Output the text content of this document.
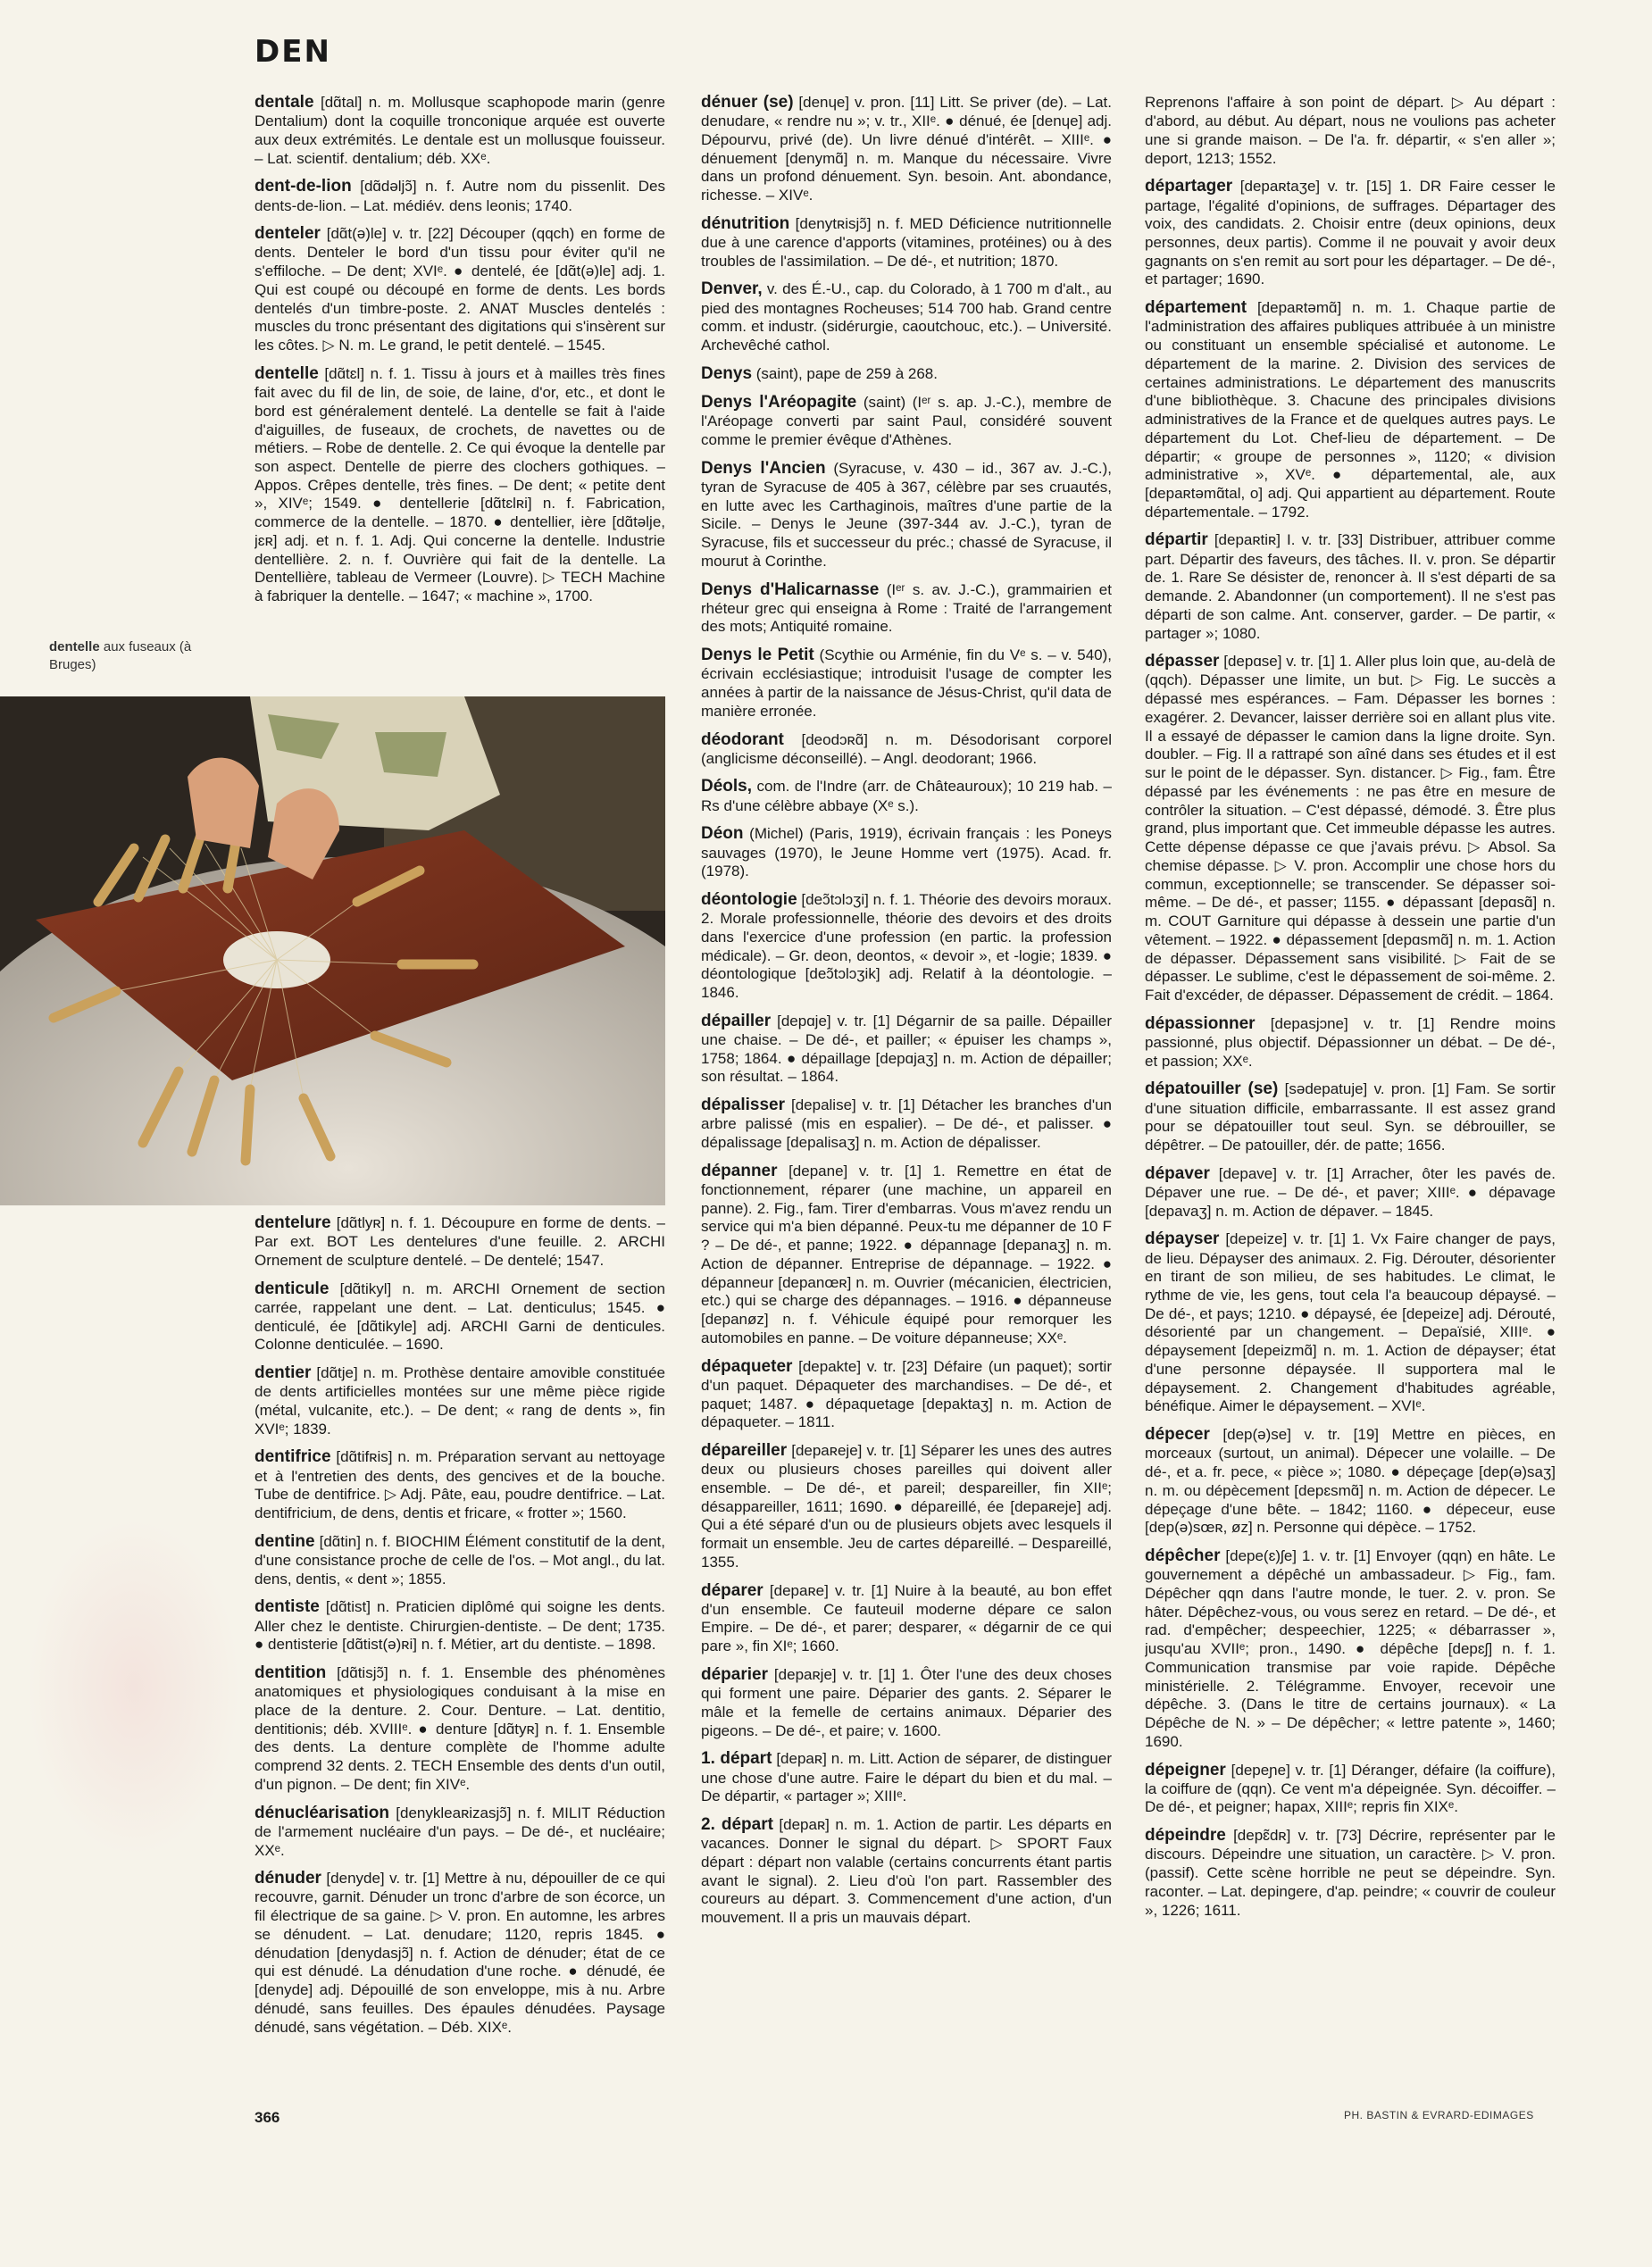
DEN
dentelle aux fuseaux (à Bruges)

dentale [dɑ̃tal] n. m. Mollusque scaphopode marin (genre Dentalium) dont la coquille tronconique arquée est ouverte aux deux extrémités. Le dentale est un mollusque fouisseur. – Lat. scientif. dentalium; déb. XXᵉ.

dent-de-lion [dɑ̃dəljɔ̃] n. f. Autre nom du pissenlit. Des dents-de-lion. – Lat. médiév. dens leonis; 1740.

denteler [dɑ̃t(ə)le] v. tr. [22] Découper (qqch) en forme de dents. Denteler le bord d'un tissu pour éviter qu'il ne s'effiloche. – De dent; XVIᵉ. ● dentelé, ée [dɑ̃t(ə)le] adj. 1. Qui est coupé ou découpé en forme de dents. Les bords dentelés d'un timbre-poste. 2. ANAT Muscles dentelés : muscles du tronc présentant des digitations qui s'insèrent sur les côtes. ▷ N. m. Le grand, le petit dentelé. – 1545.

dentelle [dɑ̃tɛl] n. f. 1. Tissu à jours et à mailles très fines fait avec du fil de lin, de soie, de laine, d'or, etc., et dont le bord est généralement dentelé. La dentelle se fait à l'aide d'aiguilles, de fuseaux, de crochets, de navettes ou de métiers. – Robe de dentelle. 2. Ce qui évoque la dentelle par son aspect. Dentelle de pierre des clochers gothiques. – Appos. Crêpes dentelle, très fines. – De dent; « petite dent », XIVᵉ; 1549. ● dentellerie [dɑ̃tɛlʀi] n. f. Fabrication, commerce de la dentelle. – 1870. ● dentellier, ière [dɑ̃təlje, jɛʀ] adj. et n. f. 1. Adj. Qui concerne la dentelle. Industrie dentellière. 2. n. f. Ouvrière qui fait de la dentelle. La Dentellière, tableau de Vermeer (Louvre). ▷ TECH Machine à fabriquer la dentelle. – 1647; « machine », 1700.

dentelure [dɑ̃tlyʀ] n. f. 1. Découpure en forme de dents. – Par ext. BOT Les dentelures d'une feuille. 2. ARCHI Ornement de sculpture dentelé. – De dentelé; 1547.

denticule [dɑ̃tikyl] n. m. ARCHI Ornement de section carrée, rappelant une dent. – Lat. denticulus; 1545. ● denticulé, ée [dɑ̃tikyle] adj. ARCHI Garni de denticules. Colonne denticulée. – 1690.

dentier [dɑ̃tje] n. m. Prothèse dentaire amovible constituée de dents artificielles montées sur une même pièce rigide (métal, vulcanite, etc.). – De dent; « rang de dents », fin XVIᵉ; 1839.

dentifrice [dɑ̃tifʀis] n. m. Préparation servant au nettoyage et à l'entretien des dents, des gencives et de la bouche. Tube de dentifrice. ▷ Adj. Pâte, eau, poudre dentifrice. – Lat. dentifricium, de dens, dentis et fricare, « frotter »; 1560.

dentine [dɑ̃tin] n. f. BIOCHIM Élément constitutif de la dent, d'une consistance proche de celle de l'os. – Mot angl., du lat. dens, dentis, « dent »; 1855.

dentiste [dɑ̃tist] n. Praticien diplômé qui soigne les dents. Aller chez le dentiste. Chirurgien-dentiste. – De dent; 1735. ● dentisterie [dɑ̃tist(ə)ʀi] n. f. Métier, art du dentiste. – 1898.

dentition [dɑ̃tisjɔ̃] n. f. 1. Ensemble des phénomènes anatomiques et physiologiques conduisant à la mise en place de la denture. 2. Cour. Denture. – Lat. dentitio, dentitionis; déb. XVIIIᵉ. ● denture [dɑ̃tyʀ] n. f. 1. Ensemble des dents. La denture complète de l'homme adulte comprend 32 dents. 2. TECH Ensemble des dents d'un outil, d'un pignon. – De dent; fin XIVᵉ.

dénucléarisation [denykleaʀizasjɔ̃] n. f. MILIT Réduction de l'armement nucléaire d'un pays. – De dé-, et nucléaire; XXᵉ.

dénuder [denyde] v. tr. [1] Mettre à nu, dépouiller de ce qui recouvre, garnit. Dénuder un tronc d'arbre de son écorce, un fil électrique de sa gaine. ▷ V. pron. En automne, les arbres se dénudent. – Lat. denudare; 1120, repris 1845. ● dénudation [denydasjɔ̃] n. f. Action de dénuder; état de ce qui est dénudé. La dénudation d'une roche. ● dénudé, ée [denyde] adj. Dépouillé de son enveloppe, mis à nu. Arbre dénudé, sans feuilles. Des épaules dénudées. Paysage dénudé, sans végétation. – Déb. XIXᵉ.

dénuer (se) [denɥe] v. pron. [11] Litt. Se priver (de). – Lat. denudare, « rendre nu »; v. tr., XIIᵉ. ● dénué, ée [denɥe] adj. Dépourvu, privé (de). Un livre dénué d'intérêt. – XIIIᵉ. ● dénuement [denymɑ̃] n. m. Manque du nécessaire. Vivre dans un profond dénuement. Syn. besoin. Ant. abondance, richesse. – XIVᵉ.

dénutrition [denytʀisjɔ̃] n. f. MED Déficience nutritionnelle due à une carence d'apports (vitamines, protéines) ou à des troubles de l'assimilation. – De dé-, et nutrition; 1870.

Denver, v. des É.-U., cap. du Colorado, à 1 700 m d'alt., au pied des montagnes Rocheuses; 514 700 hab. Grand centre comm. et industr. (sidérurgie, caoutchouc, etc.). – Université. Archevêché cathol.

Denys (saint), pape de 259 à 268.

Denys l'Aréopagite (saint) (Iᵉʳ s. ap. J.-C.), membre de l'Aréopage converti par saint Paul, considéré souvent comme le premier évêque d'Athènes.

Denys l'Ancien (Syracuse, v. 430 – id., 367 av. J.-C.), tyran de Syracuse de 405 à 367, célèbre par ses cruautés, en lutte avec les Carthaginois, maîtres d'une partie de la Sicile. – Denys le Jeune (397-344 av. J.-C.), tyran de Syracuse, fils et successeur du préc.; chassé de Syracuse, il mourut à Corinthe.

Denys d'Halicarnasse (Iᵉʳ s. av. J.-C.), grammairien et rhéteur grec qui enseigna à Rome : Traité de l'arrangement des mots; Antiquité romaine.

Denys le Petit (Scythie ou Arménie, fin du Vᵉ s. – v. 540), écrivain ecclésiastique; introduisit l'usage de compter les années à partir de la naissance de Jésus-Christ, qu'il data de manière erronée.

déodorant [deodɔʀɑ̃] n. m. Désodorisant corporel (anglicisme déconseillé). – Angl. deodorant; 1966.

Déols, com. de l'Indre (arr. de Châteauroux); 10 219 hab. – Rs d'une célèbre abbaye (Xᵉ s.).

Déon (Michel) (Paris, 1919), écrivain français : les Poneys sauvages (1970), le Jeune Homme vert (1975). Acad. fr. (1978).

déontologie [deɔ̃tɔlɔʒi] n. f. 1. Théorie des devoirs moraux. 2. Morale professionnelle, théorie des devoirs et des droits dans l'exercice d'une profession (en partic. la profession médicale). – Gr. deon, deontos, « devoir », et -logie; 1839. ● déontologique [deɔ̃tɔlɔʒik] adj. Relatif à la déontologie. – 1846.

dépailler [depɑje] v. tr. [1] Dégarnir de sa paille. Dépailler une chaise. – De dé-, et pailler; « épuiser les champs », 1758; 1864. ● dépaillage [depɑjaʒ] n. m. Action de dépailler; son résultat. – 1864.

dépalisser [depalise] v. tr. [1] Détacher les branches d'un arbre palissé (mis en espalier). – De dé-, et palisser. ● dépalissage [depalisaʒ] n. m. Action de dépalisser.

dépanner [depane] v. tr. [1] 1. Remettre en état de fonctionnement, réparer (une machine, un appareil en panne). 2. Fig., fam. Tirer d'embarras. Vous m'avez rendu un service qui m'a bien dépanné. Peux-tu me dépanner de 10 F ? – De dé-, et panne; 1922. ● dépannage [depanaʒ] n. m. Action de dépanner. Entreprise de dépannage. – 1922. ● dépanneur [depanœʀ] n. m. Ouvrier (mécanicien, électricien, etc.) qui se charge des dépannages. – 1916. ● dépanneuse [depanøz] n. f. Véhicule équipé pour remorquer les automobiles en panne. – De voiture dépanneuse; XXᵉ.

dépaqueter [depakte] v. tr. [23] Défaire (un paquet); sortir d'un paquet. Dépaqueter des marchandises. – De dé-, et paquet; 1487. ● dépaquetage [depaktaʒ] n. m. Action de dépaqueter. – 1811.

dépareiller [depaʀeje] v. tr. [1] Séparer les unes des autres deux ou plusieurs choses pareilles qui doivent aller ensemble. – De dé-, et pareil; despareiller, fin XIIᵉ; désappareiller, 1611; 1690. ● dépareillé, ée [depaʀeje] adj. Qui a été séparé d'un ou de plusieurs objets avec lesquels il formait un ensemble. Jeu de cartes dépareillé. – Despareillé, 1355.

déparer [depaʀe] v. tr. [1] Nuire à la beauté, au bon effet d'un ensemble. Ce fauteuil moderne dépare ce salon Empire. – De dé-, et parer; desparer, « dégarnir de ce qui pare », fin XIᵉ; 1660.

déparier [depaʀje] v. tr. [1] 1. Ôter l'une des deux choses qui forment une paire. Déparier des gants. 2. Séparer le mâle et la femelle de certains animaux. Déparier des pigeons. – De dé-, et paire; v. 1600.

1. départ [depaʀ] n. m. Litt. Action de séparer, de distinguer une chose d'une autre. Faire le départ du bien et du mal. – De départir, « partager »; XIIIᵉ.

2. départ [depaʀ] n. m. 1. Action de partir. Les départs en vacances. Donner le signal du départ. ▷ SPORT Faux départ : départ non valable (certains concurrents étant partis avant le signal). 2. Lieu d'où l'on part. Rassembler des coureurs au départ. 3. Commencement d'une action, d'un mouvement. Il a pris un mauvais départ.

Reprenons l'affaire à son point de départ. ▷ Au départ : d'abord, au début. Au départ, nous ne voulions pas acheter une si grande maison. – De l'a. fr. départir, « s'en aller »; deport, 1213; 1552.

départager [depaʀtaʒe] v. tr. [15] 1. DR Faire cesser le partage, l'égalité d'opinions, de suffrages. Départager des voix, des candidats. 2. Choisir entre (deux opinions, deux personnes, deux partis). Comme il ne pouvait y avoir deux gagnants on s'en remit au sort pour les départager. – De dé-, et partager; 1690.

département [depaʀtəmɑ̃] n. m. 1. Chaque partie de l'administration des affaires publiques attribuée à un ministre ou constituant un ensemble spécialisé et autonome. Le département de la marine. 2. Division des services de certaines administrations. Le département des manuscrits d'une bibliothèque. 3. Chacune des principales divisions administratives de la France et de quelques autres pays. Le département du Lot. Chef-lieu de département. – De départir; « groupe de personnes », 1120; « division administrative », XVᵉ. ● départemental, ale, aux [depaʀtəmɑ̃tal, o] adj. Qui appartient au département. Route départementale. – 1792.

départir [depaʀtiʀ] I. v. tr. [33] Distribuer, attribuer comme part. Départir des faveurs, des tâches. II. v. pron. Se départir de. 1. Rare Se désister de, renoncer à. Il s'est départi de sa demande. 2. Abandonner (un comportement). Il ne s'est pas départi de son calme. Ant. conserver, garder. – De partir, « partager »; 1080.

dépasser [depɑse] v. tr. [1] 1. Aller plus loin que, au-delà de (qqch). Dépasser une limite, un but. ▷ Fig. Le succès a dépassé mes espérances. – Fam. Dépasser les bornes : exagérer. 2. Devancer, laisser derrière soi en allant plus vite. Il a essayé de dépasser le camion dans la ligne droite. Syn. doubler. – Fig. Il a rattrapé son aîné dans ses études et il est sur le point de le dépasser. Syn. distancer. ▷ Fig., fam. Être dépassé par les événements : ne pas être en mesure de contrôler la situation. – C'est dépassé, démodé. 3. Être plus grand, plus important que. Cet immeuble dépasse les autres. Cette dépense dépasse ce que j'avais prévu. ▷ Absol. Sa chemise dépasse. ▷ V. pron. Accomplir une chose hors du commun, exceptionnelle; se transcender. Se dépasser soi-même. – De dé-, et passer; 1155. ● dépassant [depɑsɑ̃] n. m. COUT Garniture qui dépasse à dessein une partie d'un vêtement. – 1922. ● dépassement [depɑsmɑ̃] n. m. 1. Action de dépasser. Dépassement sans visibilité. ▷ Fait de se dépasser. Le sublime, c'est le dépassement de soi-même. 2. Fait d'excéder, de dépasser. Dépassement de crédit. – 1864.

dépassionner [depasjɔne] v. tr. [1] Rendre moins passionné, plus objectif. Dépassionner un débat. – De dé-, et passion; XXᵉ.

dépatouiller (se) [sədepatuje] v. pron. [1] Fam. Se sortir d'une situation difficile, embarrassante. Il est assez grand pour se dépatouiller tout seul. Syn. se débrouiller, se dépêtrer. – De patouiller, dér. de patte; 1656.

dépaver [depave] v. tr. [1] Arracher, ôter les pavés de. Dépaver une rue. – De dé-, et paver; XIIIᵉ. ● dépavage [depavaʒ] n. m. Action de dépaver. – 1845.

dépayser [depeize] v. tr. [1] 1. Vx Faire changer de pays, de lieu. Dépayser des animaux. 2. Fig. Dérouter, désorienter en tirant de son milieu, de ses habitudes. Le climat, le rythme de vie, les gens, tout cela l'a beaucoup dépaysé. – De dé-, et pays; 1210. ● dépaysé, ée [depeize] adj. Dérouté, désorienté par un changement. – Depaïsié, XIIIᵉ. ● dépaysement [depeizmɑ̃] n. m. 1. Action de dépayser; état d'une personne dépaysée. Il supportera mal le dépaysement. 2. Changement d'habitudes agréable, bénéfique. Aimer le dépaysement. – XVIᵉ.

dépecer [dep(ə)se] v. tr. [19] Mettre en pièces, en morceaux (surtout, un animal). Dépecer une volaille. – De dé-, et a. fr. pece, « pièce »; 1080. ● dépeçage [dep(ə)saʒ] n. m. ou dépècement [depɛsmɑ̃] n. m. Action de dépecer. Le dépeçage d'une bête. – 1842; 1160. ● dépeceur, euse [dep(ə)sœʀ, øz] n. Personne qui dépèce. – 1752.

dépêcher [depe(ɛ)ʃe] 1. v. tr. [1] Envoyer (qqn) en hâte. Le gouvernement a dépêché un ambassadeur. ▷ Fig., fam. Dépêcher qqn dans l'autre monde, le tuer. 2. v. pron. Se hâter. Dépêchez-vous, ou vous serez en retard. – De dé-, et rad. d'empêcher; despeechier, 1225; « débarrasser », jusqu'au XVIIᵉ; pron., 1490. ● dépêche [depɛʃ] n. f. 1. Communication transmise par voie rapide. Dépêche ministérielle. 2. Télégramme. Envoyer, recevoir une dépêche. 3. (Dans le titre de certains journaux). « La Dépêche de N. » – De dépêcher; « lettre patente », 1460; 1690.

dépeigner [depeɲe] v. tr. [1] Déranger, défaire (la coiffure), la coiffure de (qqn). Ce vent m'a dépeignée. Syn. décoiffer. – De dé-, et peigner; hapax, XIIIᵉ; repris fin XIXᵉ.

dépeindre [depɛ̃dʀ] v. tr. [73] Décrire, représenter par le discours. Dépeindre une situation, un caractère. ▷ V. pron. (passif). Cette scène horrible ne peut se dépeindre. Syn. raconter. – Lat. depingere, d'ap. peindre; « couvrir de couleur », 1226; 1611.

366	PH. BASTIN & EVRARD-EDIMAGES
